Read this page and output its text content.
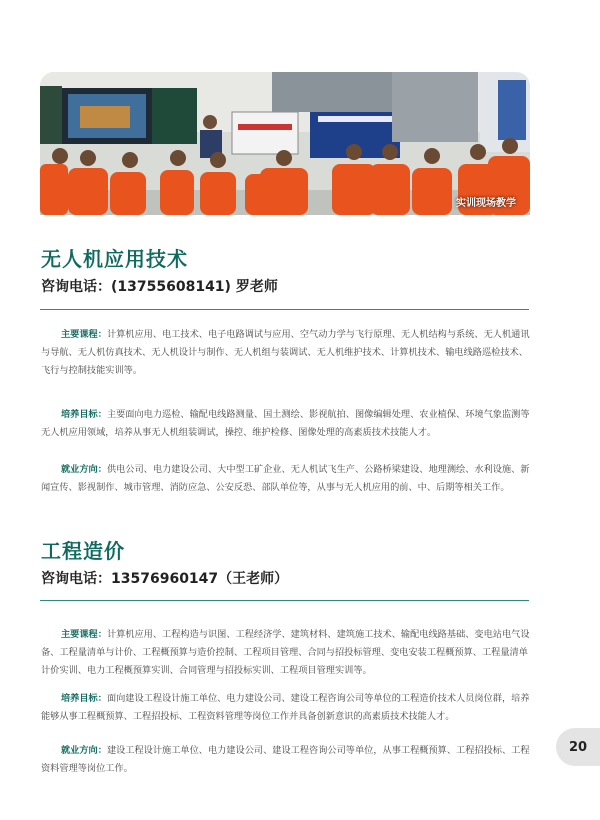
实训现场教学
无人机应用技术
咨询电话：(13755608141) 罗老师
主要课程：计算机应用、电工技术、电子电路调试与应用、空气动力学与飞行原理、无人机结构与系统、无人机通讯与导航、无人机仿真技术、无人机设计与制作、无人机组与装调试、无人机维护技术、计算机技术、输电线路巡检技术、飞行与控制技能实训等。
培养目标：主要面向电力巡检、输配电线路测量、国土测绘、影视航拍、图像编辑处理、农业植保、环境气象监测等无人机应用领域，培养从事无人机组装调试，操控、维护检修、图像处理的高素质技术技能人才。
就业方向：供电公司、电力建设公司、大中型工矿企业、无人机试飞生产、公路桥梁建设、地理测绘、水利设施、新闻宣传、影视制作、城市管理、消防应急、公安反恐、部队单位等，从事与无人机应用的前、中、后期等相关工作。
工程造价
咨询电话：13576960147（王老师）
主要课程：计算机应用、工程构造与识图、工程经济学、建筑材料、建筑施工技术、输配电线路基础、变电站电气设备、工程量清单与计价、工程概预算与造价控制、工程项目管理、合同与招投标管理、变电安装工程概预算、工程量清单计价实训、电力工程概预算实训、合同管理与招投标实训、工程项目管理实训等。
培养目标：面向建设工程设计施工单位、电力建设公司、建设工程咨询公司等单位的工程造价技术人员岗位群，培养能够从事工程概预算、工程招投标、工程资料管理等岗位工作并具备创新意识的高素质技术技能人才。
就业方向：建设工程设计施工单位、电力建设公司、建设工程咨询公司等单位，从事工程概预算、工程招投标、工程资料管理等岗位工作。
20
